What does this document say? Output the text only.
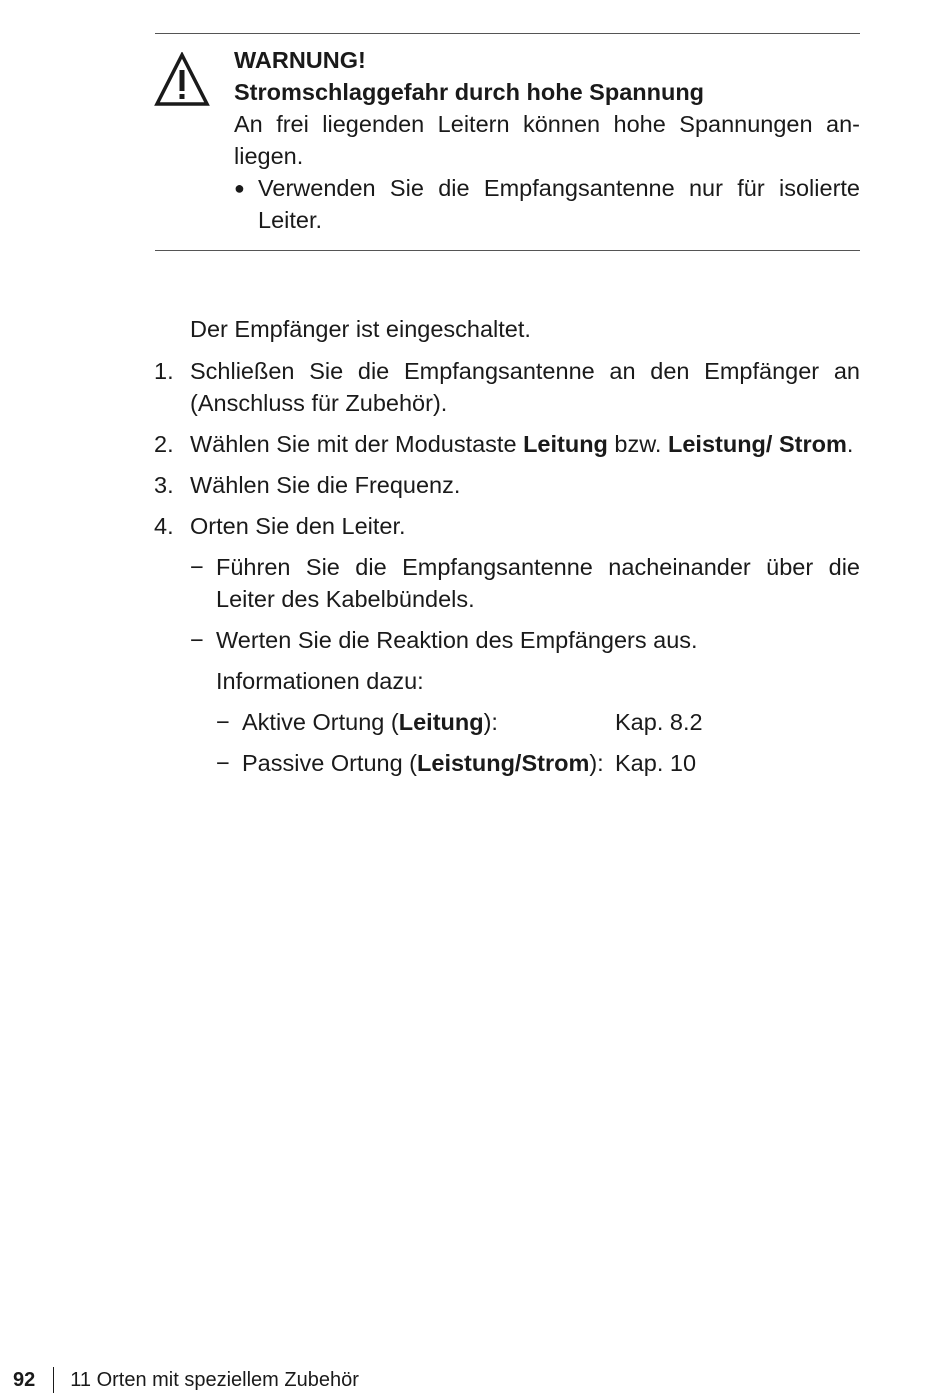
WARNUNG!
Stromschlaggefahr durch hohe Spannung
An frei liegenden Leitern können hohe Spannungen an-liegen.
● Verwenden Sie die Empfangsantenne nur für isolierte Leiter.
Der Empfänger ist eingeschaltet.
1. Schließen Sie die Empfangsantenne an den Empfänger an (Anschluss für Zubehör).
2. Wählen Sie mit der Modustaste Leitung bzw. Leistung/ Strom.
3. Wählen Sie die Frequenz.
4. Orten Sie den Leiter.
− Führen Sie die Empfangsantenne nacheinander über die Leiter des Kabelbündels.
− Werten Sie die Reaktion des Empfängers aus.
Informationen dazu:
− Aktive Ortung (Leitung):	Kap. 8.2
− Passive Ortung (Leistung/Strom): Kap. 10
92 11 Orten mit speziellem Zubehör
